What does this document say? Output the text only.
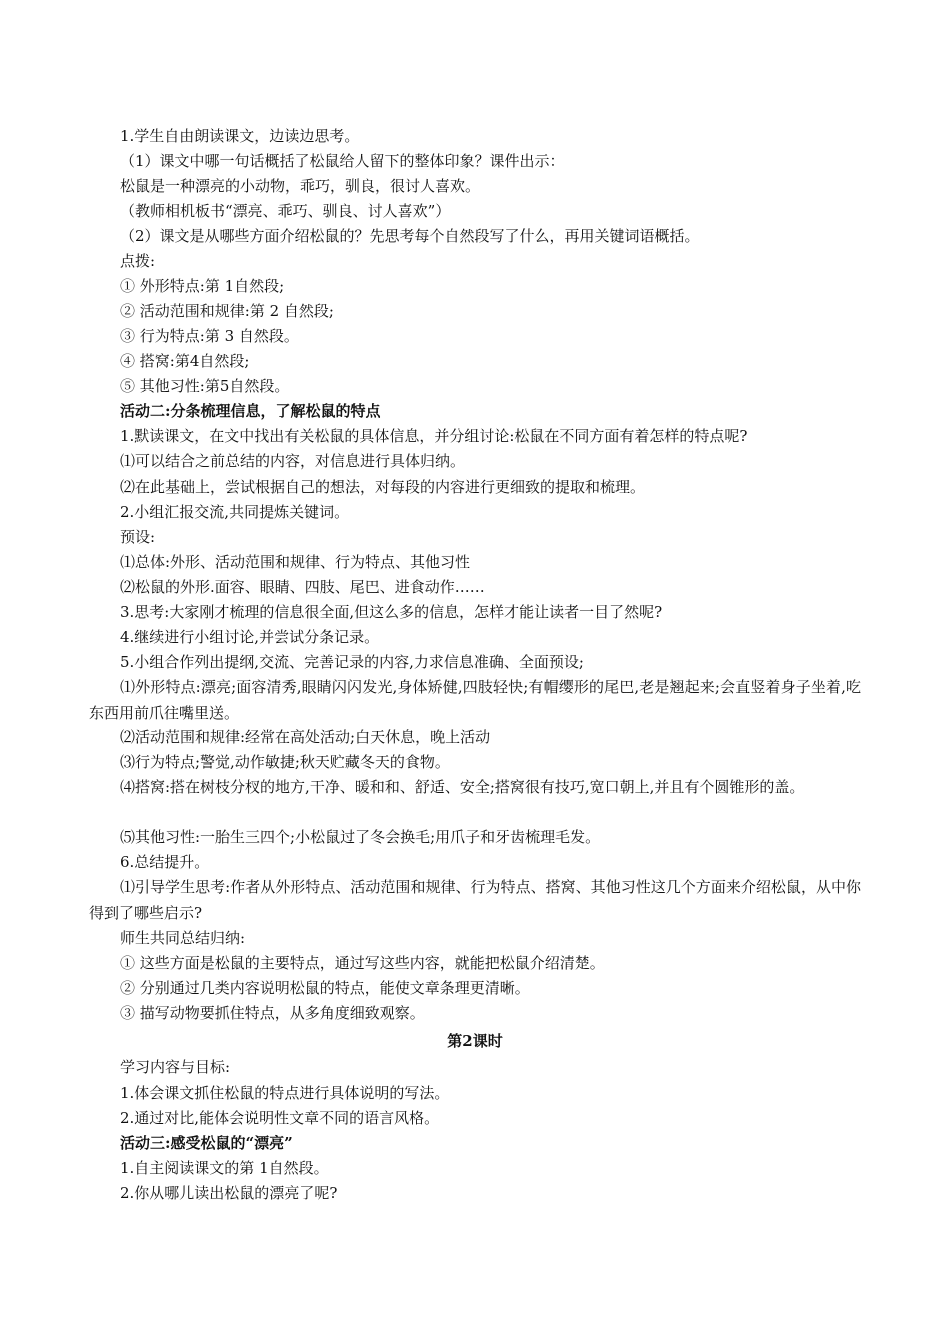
1.学生自由朗读课文，边读边思考。
（1）课文中哪一句话概括了松鼠给人留下的整体印象？课件出示：
松鼠是一种漂亮的小动物，乖巧，驯良，很讨人喜欢。
（教师相机板书“漂亮、乖巧、驯良、讨人喜欢”）
（2）课文是从哪些方面介绍松鼠的？先思考每个自然段写了什么，再用关键词语概括。
点拨:
① 外形特点:第 1自然段;
② 活动范围和规律:第 2 自然段;
③ 行为特点:第 3 自然段。
④ 搭窝:第4自然段;
⑤ 其他习性:第5自然段。
活动二:分条梳理信息，了解松鼠的特点
1.默读课文，在文中找出有关松鼠的具体信息，并分组讨论:松鼠在不同方面有着怎样的特点呢?
⑴可以结合之前总结的内容，对信息进行具体归纳。
⑵在此基础上，尝试根据自己的想法，对每段的内容进行更细致的提取和梳理。
2.小组汇报交流,共同提炼关键词。
预设:
⑴总体:外形、活动范围和规律、行为特点、其他习性
⑵松鼠的外形.面容、眼睛、四肢、尾巴、进食动作……
3.思考:大家刚才梳理的信息很全面,但这么多的信息，怎样才能让读者一目了然呢?
4.继续进行小组讨论,并尝试分条记录。
5.小组合作列出提纲,交流、完善记录的内容,力求信息准确、全面预设;
⑴外形特点:漂亮;面容清秀,眼睛闪闪发光,身体矫健,四肢轻快;有帽缨形的尾巴,老是翘起来;会直竖着身子坐着,吃东西用前爪往嘴里送。
⑵活动范围和规律:经常在高处活动;白天休息，晚上活动
⑶行为特点;警觉,动作敏捷;秋天贮藏冬天的食物。
⑷搭窝:搭在树枝分杈的地方,干净、暖和和、舒适、安全;搭窝很有技巧,宽口朝上,并且有个圆锥形的盖。
⑸其他习性:一胎生三四个;小松鼠过了冬会换毛;用爪子和牙齿梳理毛发。
6.总结提升。
⑴引导学生思考:作者从外形特点、活动范围和规律、行为特点、搭窝、其他习性这几个方面来介绍松鼠，从中你得到了哪些启示?
师生共同总结归纳:
① 这些方面是松鼠的主要特点，通过写这些内容，就能把松鼠介绍清楚。
② 分别通过几类内容说明松鼠的特点，能使文章条理更清晰。
③ 描写动物要抓住特点，从多角度细致观察。
第2课时
学习内容与目标:
1.体会课文抓住松鼠的特点进行具体说明的写法。
2.通过对比,能体会说明性文章不同的语言风格。
活动三:感受松鼠的“漂亮”
1.自主阅读课文的第 1自然段。
2.你从哪儿读出松鼠的漂亮了呢?
